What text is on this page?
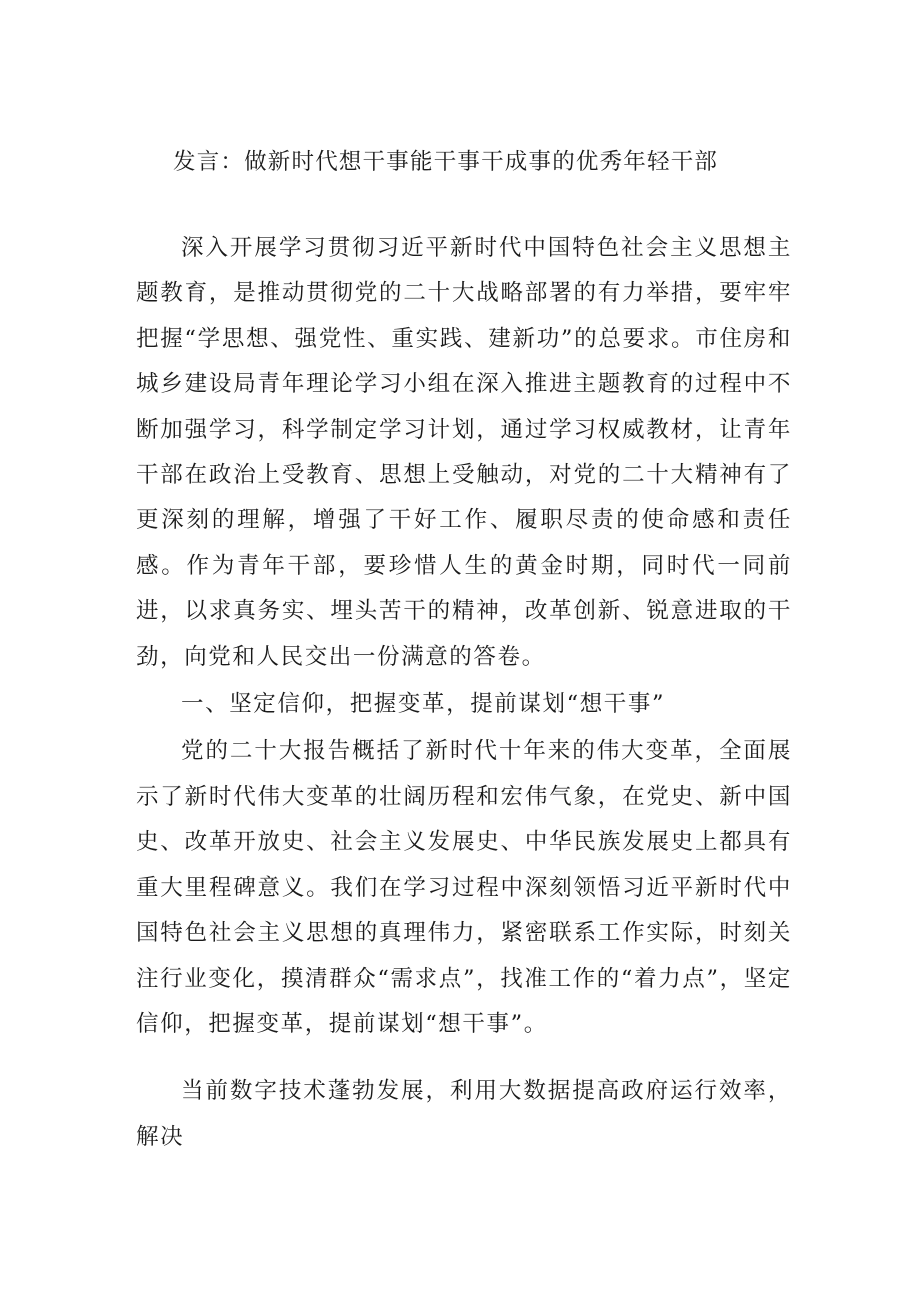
发言：做新时代想干事能干事干成事的优秀年轻干部

深入开展学习贯彻习近平新时代中国特色社会主义思想主题教育，是推动贯彻党的二十大战略部署的有力举措，要牢牢把握“学思想、强党性、重实践、建新功”的总要求。市住房和城乡建设局青年理论学习小组在深入推进主题教育的过程中不断加强学习，科学制定学习计划，通过学习权威教材，让青年干部在政治上受教育、思想上受触动，对党的二十大精神有了更深刻的理解，增强了干好工作、履职尽责的使命感和责任感。作为青年干部，要珍惜人生的黄金时期，同时代一同前进，以求真务实、埋头苦干的精神，改革创新、锐意进取的干劲，向党和人民交出一份满意的答卷。

一、坚定信仰，把握变革，提前谋划“想干事”

党的二十大报告概括了新时代十年来的伟大变革，全面展示了新时代伟大变革的壮阔历程和宏伟气象，在党史、新中国史、改革开放史、社会主义发展史、中华民族发展史上都具有重大里程碑意义。我们在学习过程中深刻领悟习近平新时代中国特色社会主义思想的真理伟力，紧密联系工作实际，时刻关注行业变化，摸清群众“需求点”，找准工作的“着力点”，坚定信仰，把握变革，提前谋划“想干事”。

当前数字技术蓬勃发展，利用大数据提高政府运行效率，解决
